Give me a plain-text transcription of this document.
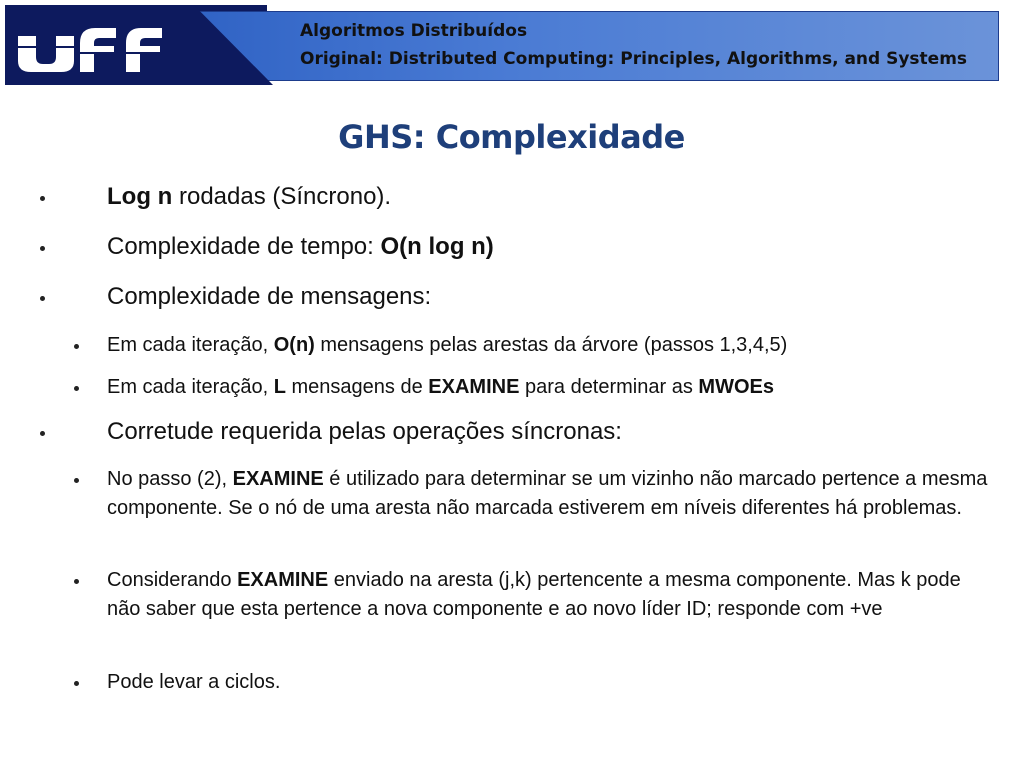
Algoritmos Distribuídos
Original: Distributed Computing: Principles, Algorithms, and Systems
GHS: Complexidade
Log n rodadas (Síncrono).
Complexidade de tempo: O(n log n)
Complexidade de mensagens:
Em cada iteração, O(n) mensagens pelas arestas da árvore (passos 1,3,4,5)
Em cada iteração, L mensagens de EXAMINE para determinar as MWOEs
Corretude requerida pelas operações síncronas:
No passo (2), EXAMINE é utilizado para determinar se um vizinho não marcado pertence a mesma componente. Se o nó de uma aresta não marcada estiverem em níveis diferentes há problemas.
Considerando EXAMINE enviado na aresta (j,k) pertencente a mesma componente. Mas k pode não saber que esta pertence a nova componente e ao novo líder ID; responde com +ve
Pode levar a ciclos.
